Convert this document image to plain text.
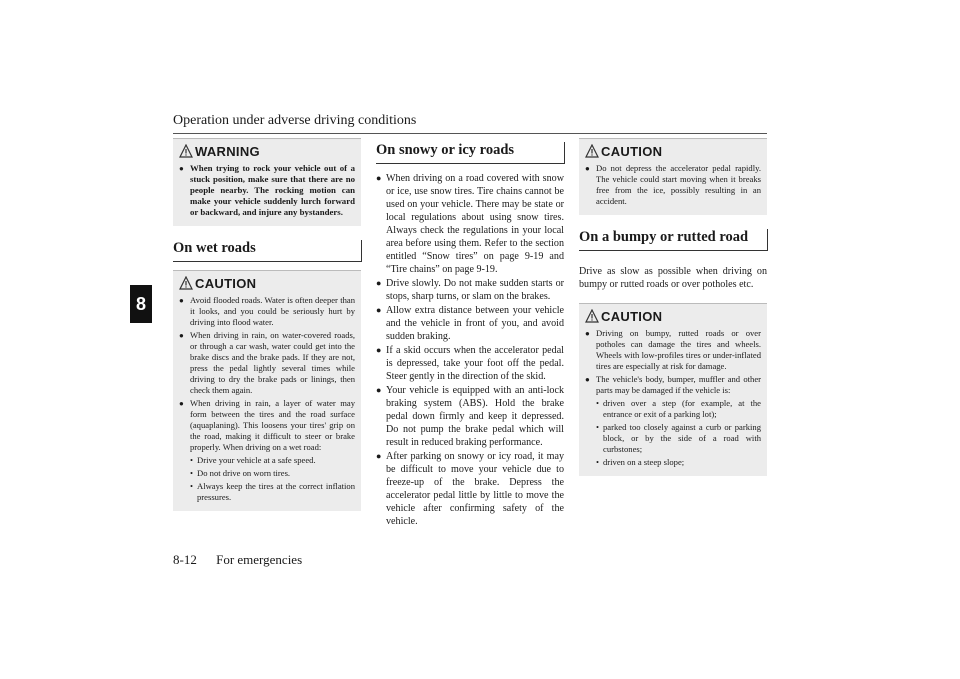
Operation under adverse driving conditions
8
WARNING
● When trying to rock your vehicle out of a stuck position, make sure that there are no people nearby. The rocking motion can make your vehicle suddenly lurch forward or backward, and injure any bystanders.
On wet roads
CAUTION
● Avoid flooded roads. Water is often deeper than it looks, and you could be seriously hurt by driving into flood water.
● When driving in rain, on water-covered roads, or through a car wash, water could get into the brake discs and the brake pads. If they are not, press the pedal lightly several times while driving to dry the brake pads or linings, then check them again.
● When driving in rain, a layer of water may form between the tires and the road surface (aquaplaning). This loosens your tires' grip on the road, making it difficult to steer or brake properly. When driving on a wet road:
• Drive your vehicle at a safe speed.
• Do not drive on worn tires.
• Always keep the tires at the correct inflation pressures.
On snowy or icy roads
● When driving on a road covered with snow or ice, use snow tires. Tire chains cannot be used on your vehicle. There may be state or local regulations about using snow tires. Always check the regulations in your local area before using them. Refer to the section entitled “Snow tires” on page 9-19 and “Tire chains” on page 9-19.
● Drive slowly. Do not make sudden starts or stops, sharp turns, or slam on the brakes.
● Allow extra distance between your vehicle and the vehicle in front of you, and avoid sudden braking.
● If a skid occurs when the accelerator pedal is depressed, take your foot off the pedal. Steer gently in the direction of the skid.
● Your vehicle is equipped with an anti-lock braking system (ABS). Hold the brake pedal down firmly and keep it depressed. Do not pump the brake pedal which will result in reduced braking performance.
● After parking on snowy or icy road, it may be difficult to move your vehicle due to freeze-up of the brake. Depress the accelerator pedal little by little to move the vehicle after confirming safety of the vehicle.
CAUTION
● Do not depress the accelerator pedal rapidly. The vehicle could start moving when it breaks free from the ice, possibly resulting in an accident.
On a bumpy or rutted road
Drive as slow as possible when driving on bumpy or rutted roads or over potholes etc.
CAUTION
● Driving on bumpy, rutted roads or over potholes can damage the tires and wheels. Wheels with low-profiles tires or under-inflated tires are especially at risk for damage.
● The vehicle's body, bumper, muffler and other parts may be damaged if the vehicle is:
• driven over a step (for example, at the entrance or exit of a parking lot);
• parked too closely against a curb or parking block, or by the side of a road with curbstones;
• driven on a steep slope;
8-12 For emergencies
